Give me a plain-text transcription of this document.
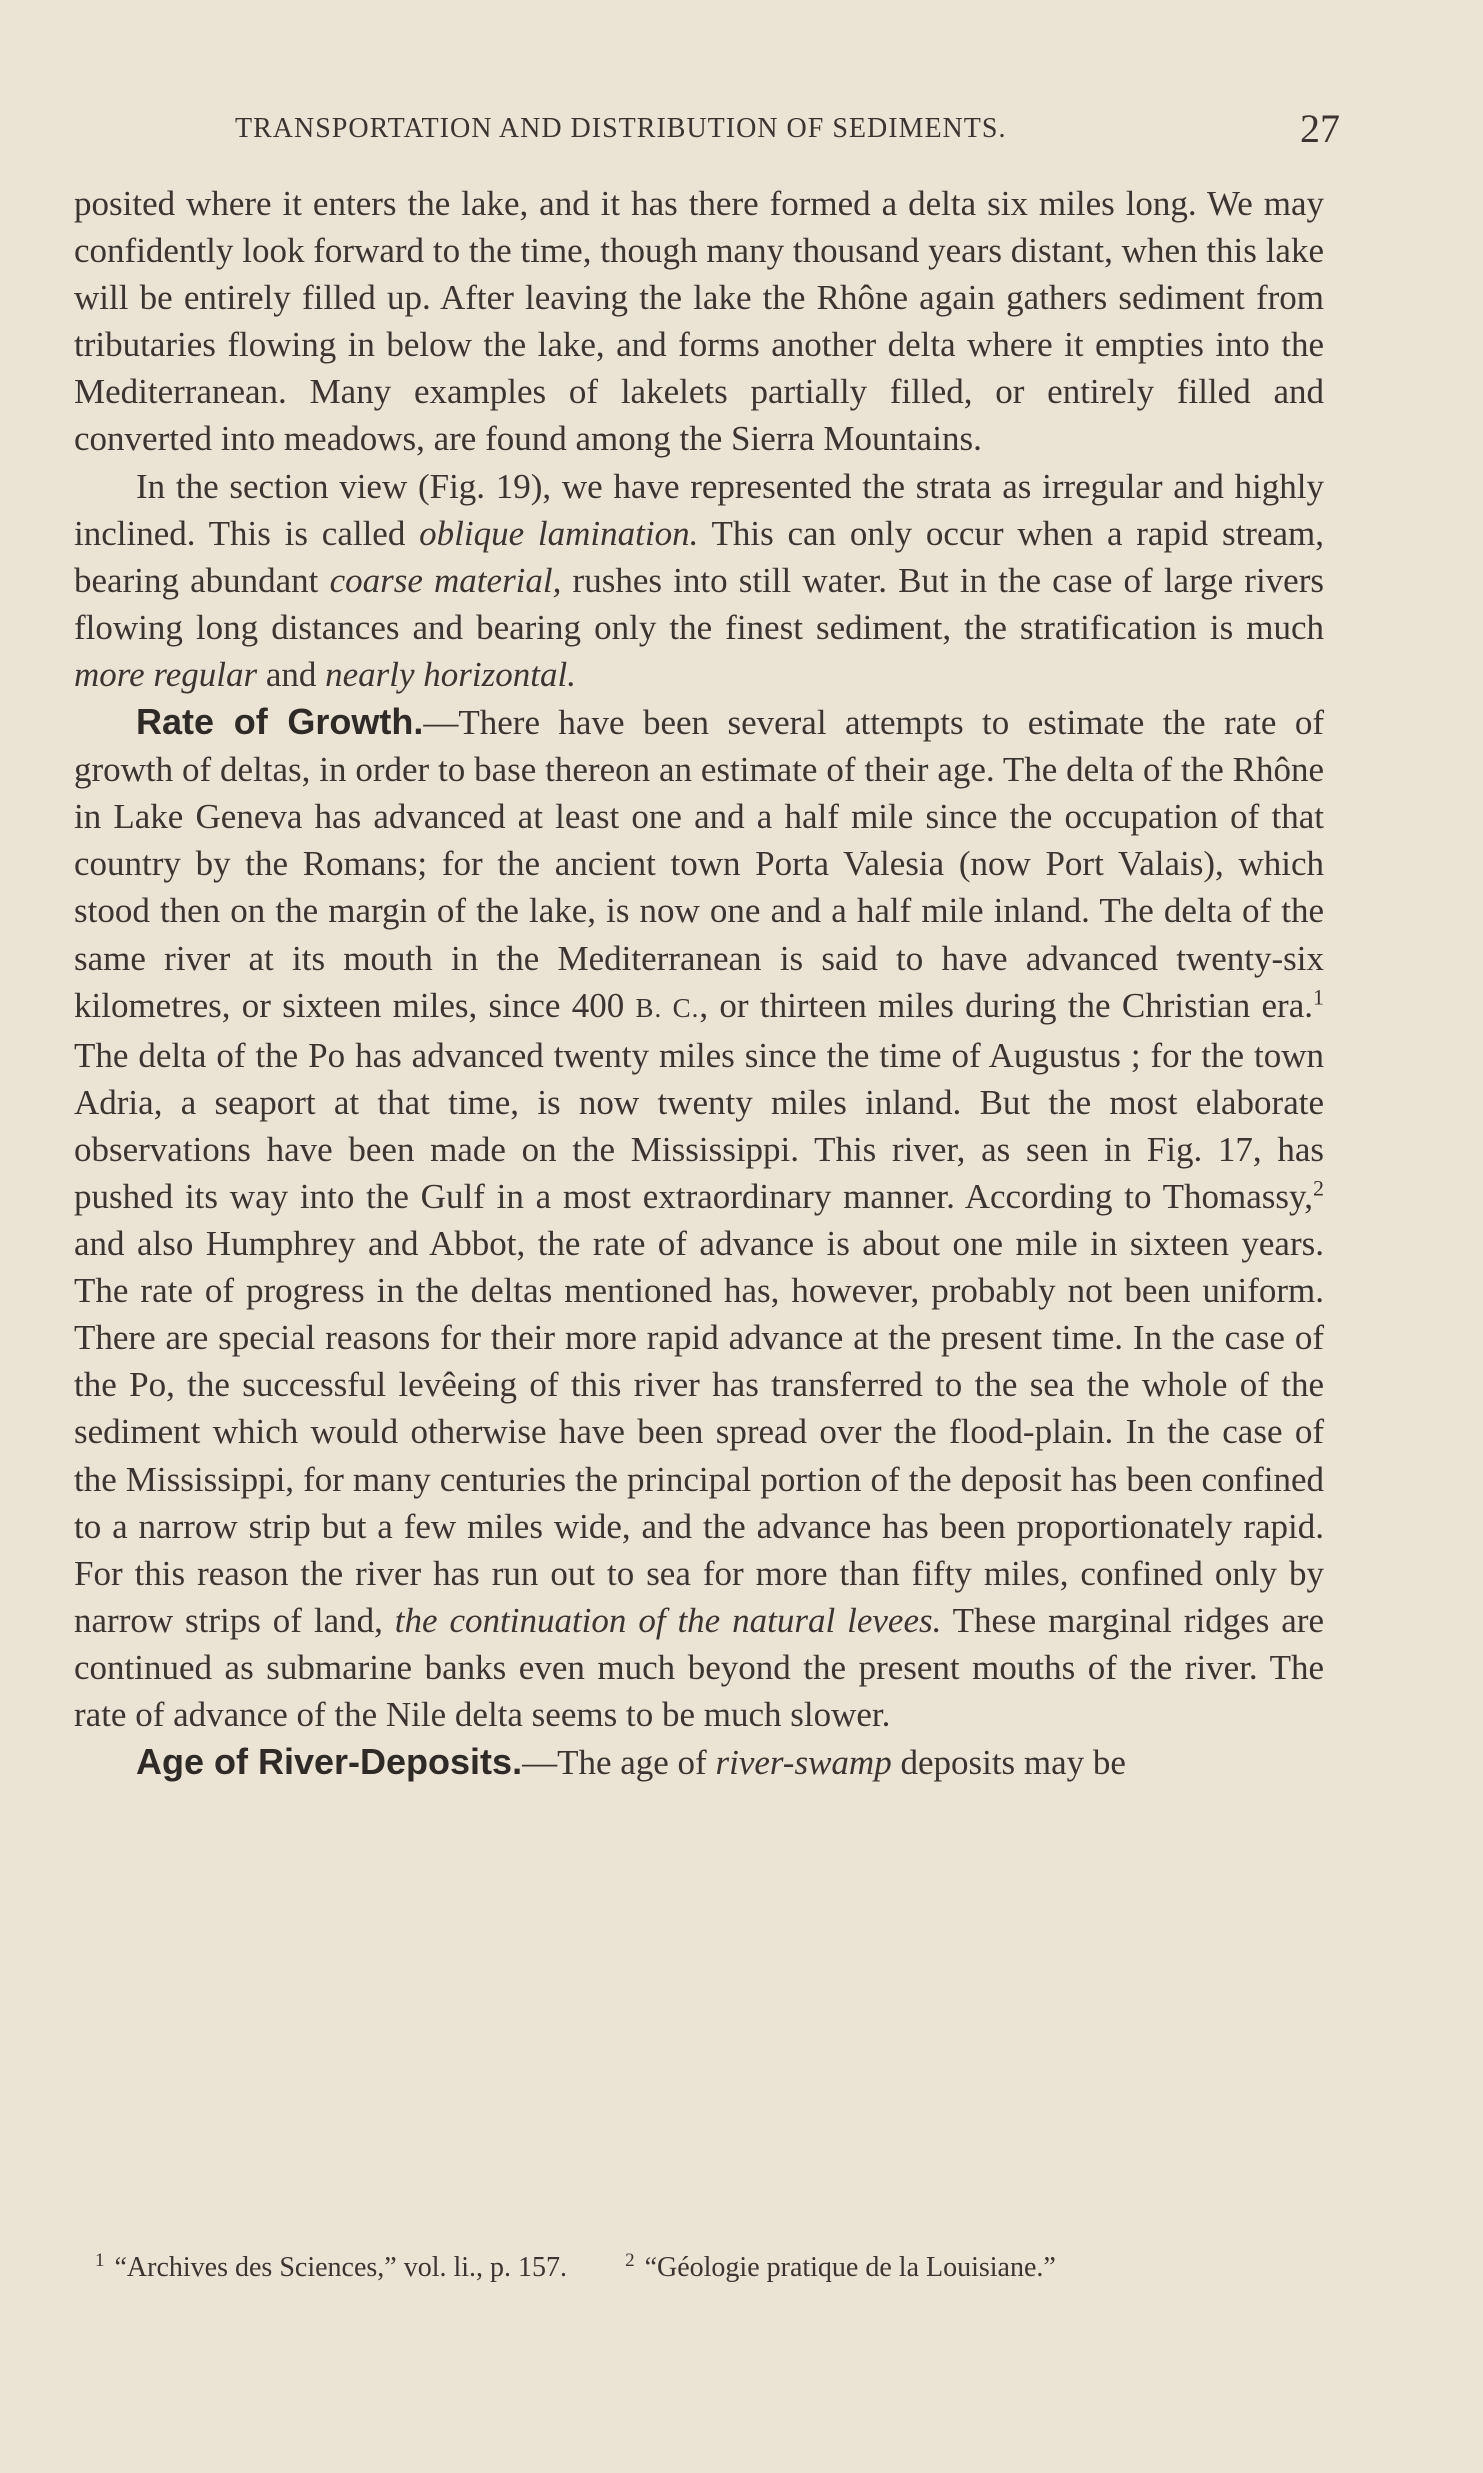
TRANSPORTATION AND DISTRIBUTION OF SEDIMENTS.	27

posited where it enters the lake, and it has there formed a delta six miles long. We may confidently look forward to the time, though many thousand years distant, when this lake will be entirely filled up. After leaving the lake the Rhône again gathers sediment from tributaries flowing in below the lake, and forms another delta where it empties into the Mediterranean. Many examples of lakelets partially filled, or entirely filled and converted into meadows, are found among the Sierra Mountains.

In the section view (Fig. 19), we have represented the strata as irregular and highly inclined. This is called oblique lamination. This can only occur when a rapid stream, bearing abundant coarse material, rushes into still water. But in the case of large rivers flowing long distances and bearing only the finest sediment, the stratification is much more regular and nearly horizontal.

Rate of Growth.—There have been several attempts to estimate the rate of growth of deltas, in order to base thereon an estimate of their age. The delta of the Rhône in Lake Geneva has advanced at least one and a half mile since the occupation of that country by the Romans; for the ancient town Porta Valesia (now Port Valais), which stood then on the margin of the lake, is now one and a half mile inland. The delta of the same river at its mouth in the Mediterranean is said to have advanced twenty-six kilometres, or sixteen miles, since 400 B. C., or thirteen miles during the Christian era.$^1$ The delta of the Po has advanced twenty miles since the time of Augustus ; for the town Adria, a seaport at that time, is now twenty miles inland. But the most elaborate observations have been made on the Mississippi. This river, as seen in Fig. 17, has pushed its way into the Gulf in a most extraordinary manner. According to Thomassy,$^2$ and also Humphrey and Abbot, the rate of advance is about one mile in sixteen years. The rate of progress in the deltas mentioned has, however, probably not been uniform. There are special reasons for their more rapid advance at the present time. In the case of the Po, the successful levêeing of this river has transferred to the sea the whole of the sediment which would otherwise have been spread over the flood-plain. In the case of the Mississippi, for many centuries the principal portion of the deposit has been confined to a narrow strip but a few miles wide, and the advance has been proportionately rapid. For this reason the river has run out to sea for more than fifty miles, confined only by narrow strips of land, the continuation of the natural levees. These marginal ridges are continued as submarine banks even much beyond the present mouths of the river. The rate of advance of the Nile delta seems to be much slower.

Age of River-Deposits.—The age of river-swamp deposits may be

$^1$ “Archives des Sciences,” vol. li., p. 157.	$^2$ “Géologie pratique de la Louisiane.”
